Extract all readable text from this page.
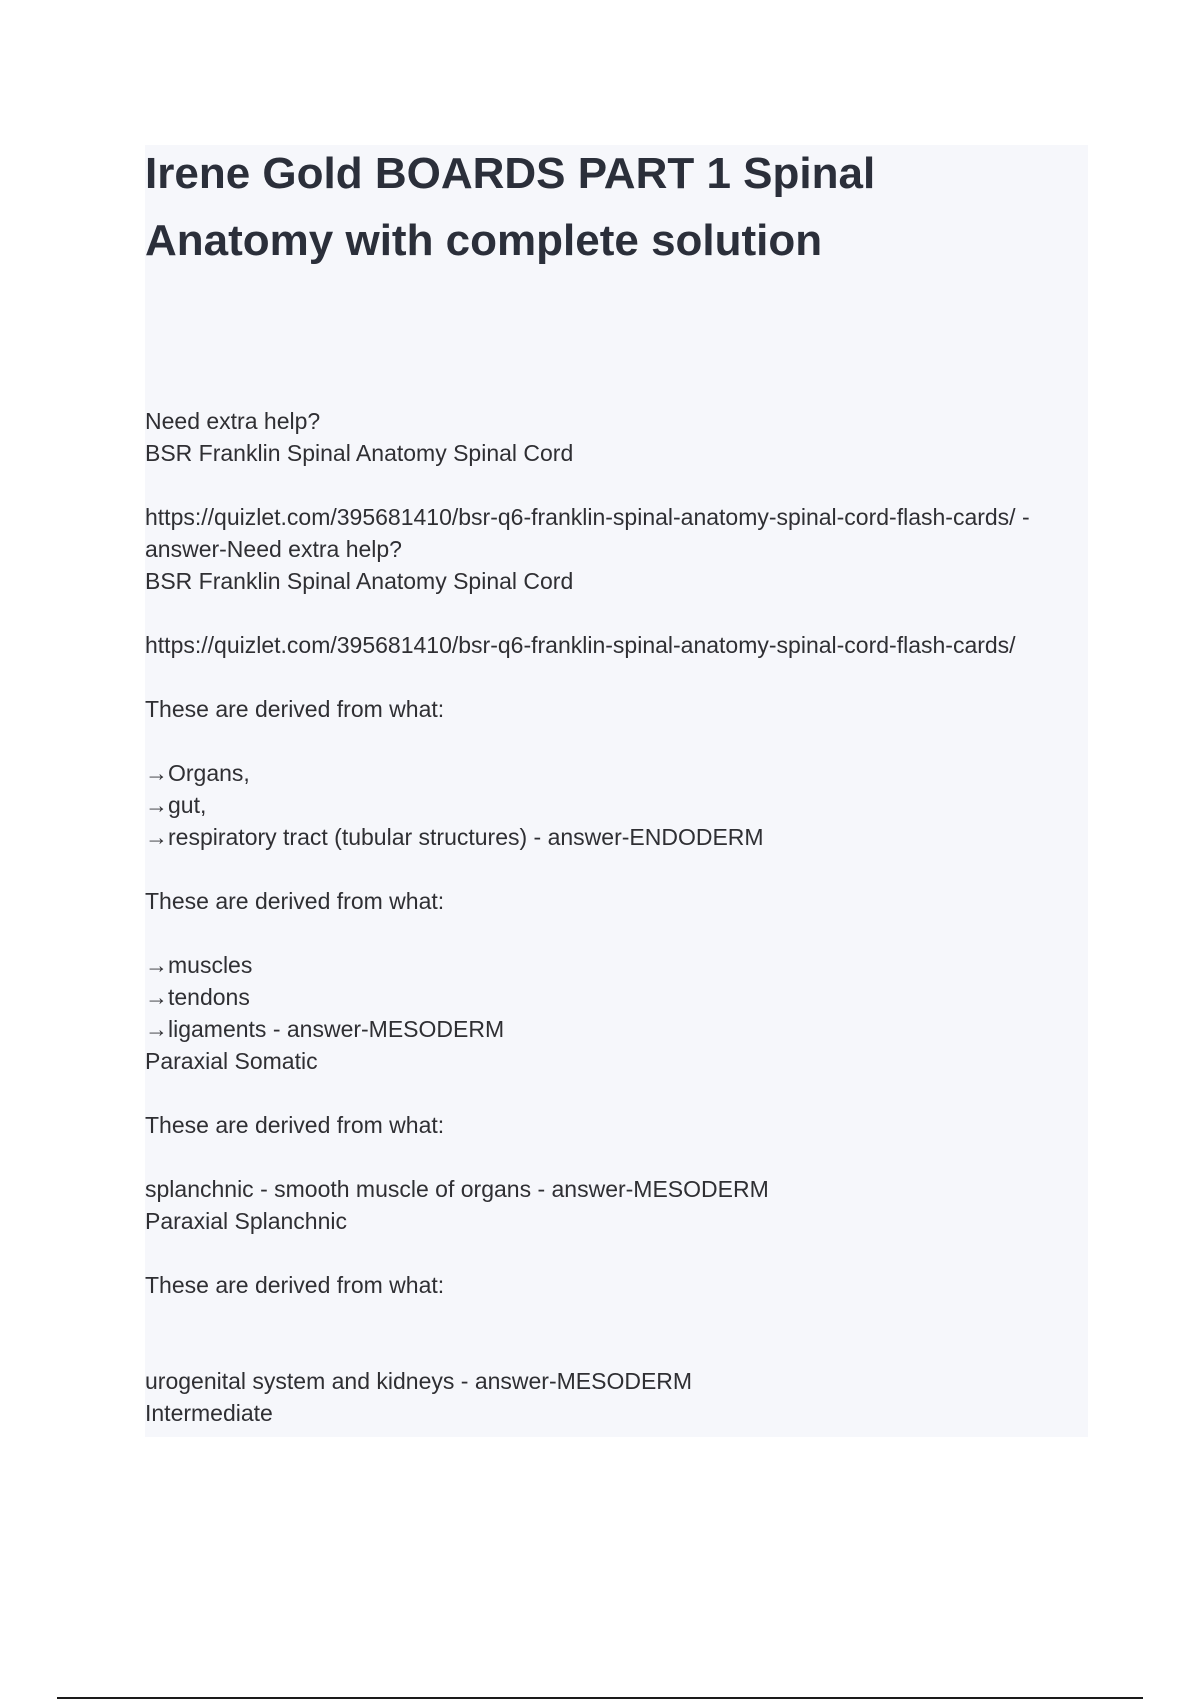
Irene Gold BOARDS PART 1 Spinal
Anatomy with complete solution
Need extra help?
BSR Franklin Spinal Anatomy Spinal Cord
https://quizlet.com/395681410/bsr-q6-franklin-spinal-anatomy-spinal-cord-flash-cards/ -
answer-Need extra help?
BSR Franklin Spinal Anatomy Spinal Cord
https://quizlet.com/395681410/bsr-q6-franklin-spinal-anatomy-spinal-cord-flash-cards/
These are derived from what:
→Organs,
→gut,
→respiratory tract (tubular structures) - answer-ENDODERM
These are derived from what:
→muscles
→tendons
→ligaments - answer-MESODERM
Paraxial Somatic
These are derived from what:
splanchnic - smooth muscle of organs - answer-MESODERM
Paraxial Splanchnic
These are derived from what:
urogenital system and kidneys - answer-MESODERM
Intermediate
